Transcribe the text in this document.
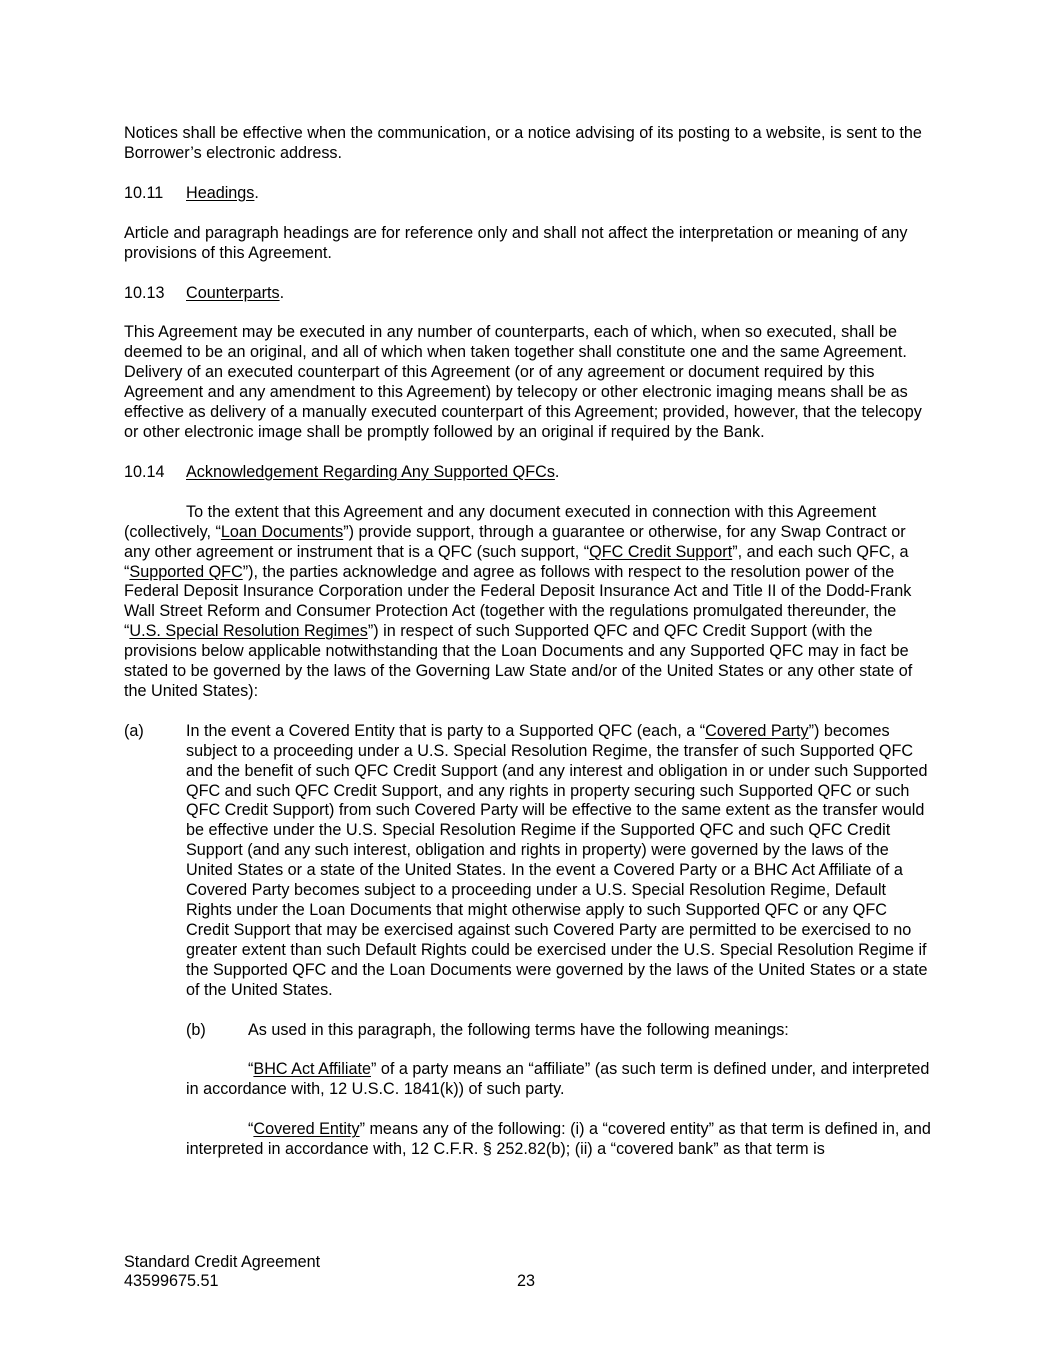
Notices shall be effective when the communication, or a notice advising of its posting to a website, is sent to the Borrower’s electronic address.

10.11	Headings.

Article and paragraph headings are for reference only and shall not affect the interpretation or meaning of any provisions of this Agreement.

10.13	Counterparts.

This Agreement may be executed in any number of counterparts, each of which, when so executed, shall be deemed to be an original, and all of which when taken together shall constitute one and the same Agreement. Delivery of an executed counterpart of this Agreement (or of any agreement or document required by this Agreement and any amendment to this Agreement) by telecopy or other electronic imaging means shall be as effective as delivery of a manually executed counterpart of this Agreement; provided, however, that the telecopy or other electronic image shall be promptly followed by an original if required by the Bank.

10.14	Acknowledgement Regarding Any Supported QFCs.

To the extent that this Agreement and any document executed in connection with this Agreement (collectively, “Loan Documents”) provide support, through a guarantee or otherwise, for any Swap Contract or any other agreement or instrument that is a QFC (such support, “QFC Credit Support”, and each such QFC, a “Supported QFC”), the parties acknowledge and agree as follows with respect to the resolution power of the Federal Deposit Insurance Corporation under the Federal Deposit Insurance Act and Title II of the Dodd-Frank Wall Street Reform and Consumer Protection Act (together with the regulations promulgated thereunder, the “U.S. Special Resolution Regimes”) in respect of such Supported QFC and QFC Credit Support (with the provisions below applicable notwithstanding that the Loan Documents and any Supported QFC may in fact be stated to be governed by the laws of the Governing Law State and/or of the United States or any other state of the United States):

(a)	In the event a Covered Entity that is party to a Supported QFC (each, a “Covered Party”) becomes subject to a proceeding under a U.S. Special Resolution Regime, the transfer of such Supported QFC and the benefit of such QFC Credit Support (and any interest and obligation in or under such Supported QFC and such QFC Credit Support, and any rights in property securing such Supported QFC or such QFC Credit Support) from such Covered Party will be effective to the same extent as the transfer would be effective under the U.S. Special Resolution Regime if the Supported QFC and such QFC Credit Support (and any such interest, obligation and rights in property) were governed by the laws of the United States or a state of the United States. In the event a Covered Party or a BHC Act Affiliate of a Covered Party becomes subject to a proceeding under a U.S. Special Resolution Regime, Default Rights under the Loan Documents that might otherwise apply to such Supported QFC or any QFC Credit Support that may be exercised against such Covered Party are permitted to be exercised to no greater extent than such Default Rights could be exercised under the U.S. Special Resolution Regime if the Supported QFC and the Loan Documents were governed by the laws of the United States or a state of the United States.

(b)	As used in this paragraph, the following terms have the following meanings:

“BHC Act Affiliate” of a party means an “affiliate” (as such term is defined under, and interpreted in accordance with, 12 U.S.C. 1841(k)) of such party.

“Covered Entity” means any of the following: (i) a “covered entity” as that term is defined in, and interpreted in accordance with, 12 C.F.R. § 252.82(b); (ii) a “covered bank” as that term is

Standard Credit Agreement
43599675.51	23
